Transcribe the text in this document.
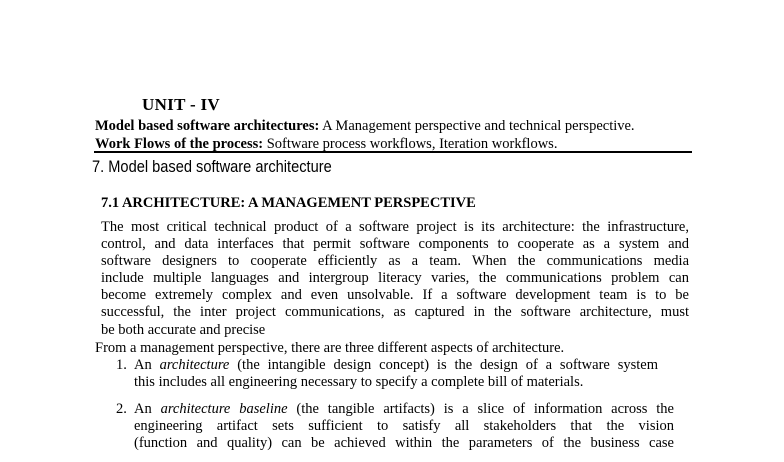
UNIT - IV
Model based software architectures: A Management perspective and technical perspective.
Work Flows of the process: Software process workflows, Iteration workflows.
7. Model based software architecture
7.1 ARCHITECTURE: A MANAGEMENT PERSPECTIVE
The most critical technical product of a software project is its architecture: the infrastructure,
control, and data interfaces that permit software components to cooperate as a system and
software designers to cooperate efficiently as a team. When the communications media
include multiple languages and intergroup literacy varies, the communications problem can
become extremely complex and even unsolvable. If a software development team is to be
successful, the inter project communications, as captured in the software architecture, must
be both accurate and precise
From a management perspective, there are three different aspects of architecture.
1. An architecture (the intangible design concept) is the design of a software system
this includes all engineering necessary to specify a complete bill of materials.
2. An architecture baseline (the tangible artifacts) is a slice of information across the
engineering artifact sets sufficient to satisfy all stakeholders that the vision
(function and quality) can be achieved within the parameters of the business case
